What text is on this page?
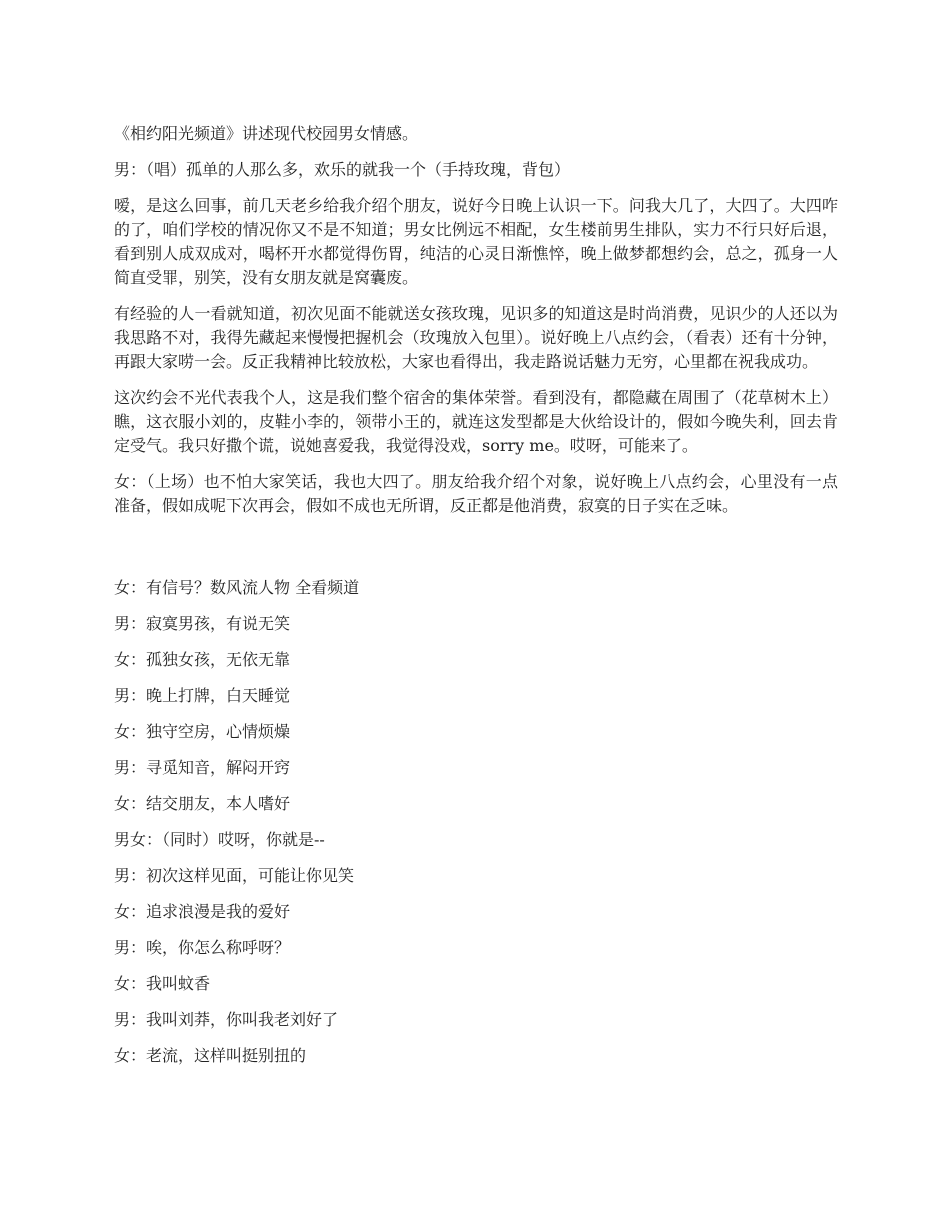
《相约阳光频道》讲述现代校园男女情感。

男：（唱）孤单的人那么多，欢乐的就我一个（手持玫瑰，背包）

嗳，是这么回事，前几天老乡给我介绍个朋友，说好今日晚上认识一下。问我大几了，大四了。大四咋的了，咱们学校的情况你又不是不知道；男女比例远不相配，女生楼前男生排队，实力不行只好后退，看到别人成双成对，喝杯开水都觉得伤胃，纯洁的心灵日渐憔悴，晚上做梦都想约会，总之，孤身一人简直受罪，别笑，没有女朋友就是窝囊废。

有经验的人一看就知道，初次见面不能就送女孩玫瑰，见识多的知道这是时尚消费，见识少的人还以为我思路不对，我得先藏起来慢慢把握机会（玫瑰放入包里）。说好晚上八点约会，（看表）还有十分钟，再跟大家唠一会。反正我精神比较放松，大家也看得出，我走路说话魅力无穷，心里都在祝我成功。

这次约会不光代表我个人，这是我们整个宿舍的集体荣誉。看到没有，都隐藏在周围了（花草树木上）瞧，这衣服小刘的，皮鞋小李的，领带小王的，就连这发型都是大伙给设计的，假如今晚失利，回去肯定受气。我只好撒个谎，说她喜爱我，我觉得没戏，sorry me。哎呀，可能来了。

女：（上场）也不怕大家笑话，我也大四了。朋友给我介绍个对象，说好晚上八点约会，心里没有一点准备，假如成呢下次再会，假如不成也无所谓，反正都是他消费，寂寞的日子实在乏味。

女：有信号？数风流人物 全看频道

男：寂寞男孩，有说无笑

女：孤独女孩，无依无靠

男：晚上打牌，白天睡觉

女：独守空房，心情烦燥

男：寻觅知音，解闷开窍

女：结交朋友，本人嗜好

男女：（同时）哎呀，你就是--

男：初次这样见面，可能让你见笑

女：追求浪漫是我的爱好

男：唉，你怎么称呼呀？

女：我叫蚊香

男：我叫刘莽，你叫我老刘好了

女：老流，这样叫挺别扭的
